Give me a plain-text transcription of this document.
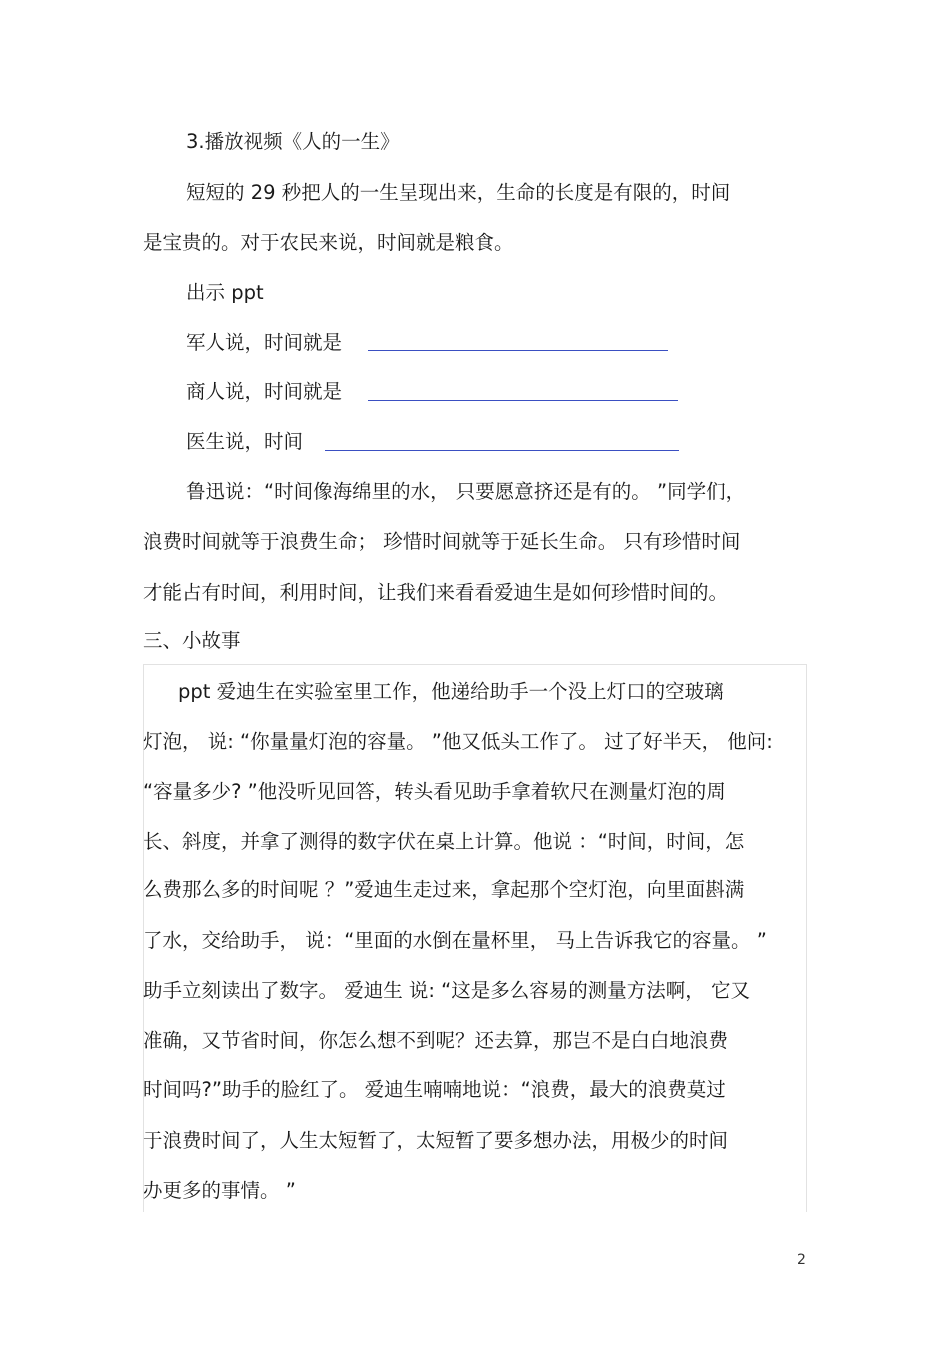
3.播放视频《人的一生》
短短的 29 秒把人的一生呈现出来，生命的长度是有限的，时间
是宝贵的。对于农民来说，时间就是粮食。
出示 ppt
军人说，时间就是
商人说，时间就是
医生说，时间
鲁迅说：“时间像海绵里的水， 只要愿意挤还是有的。 ”同学们，
浪费时间就等于浪费生命； 珍惜时间就等于延长生命。 只有珍惜时间
才能占有时间，利用时间，让我们来看看爱迪生是如何珍惜时间的。
三、小故事
ppt 爱迪生在实验室里工作，他递给助手一个没上灯口的空玻璃
灯泡， 说: “你量量灯泡的容量。 ”他又低头工作了。 过了好半天， 他问:
“容量多少? ”他没听见回答，转头看见助手拿着软尺在测量灯泡的周
长、斜度，并拿了测得的数字伏在桌上计算。他说 ：“时间，时间，怎
么费那么多的时间呢 ？”爱迪生走过来，拿起那个空灯泡，向里面斟满
了水，交给助手， 说：“里面的水倒在量杯里， 马上告诉我它的容量。 ”
助手立刻读出了数字。 爱迪生 说: “这是多么容易的测量方法啊， 它又
准确，又节省时间，你怎么想不到呢？还去算，那岂不是白白地浪费
时间吗?”助手的脸红了。 爱迪生喃喃地说：“浪费，最大的浪费莫过
于浪费时间了，人生太短暂了，太短暂了要多想办法，用极少的时间
办更多的事情。 ”
2
